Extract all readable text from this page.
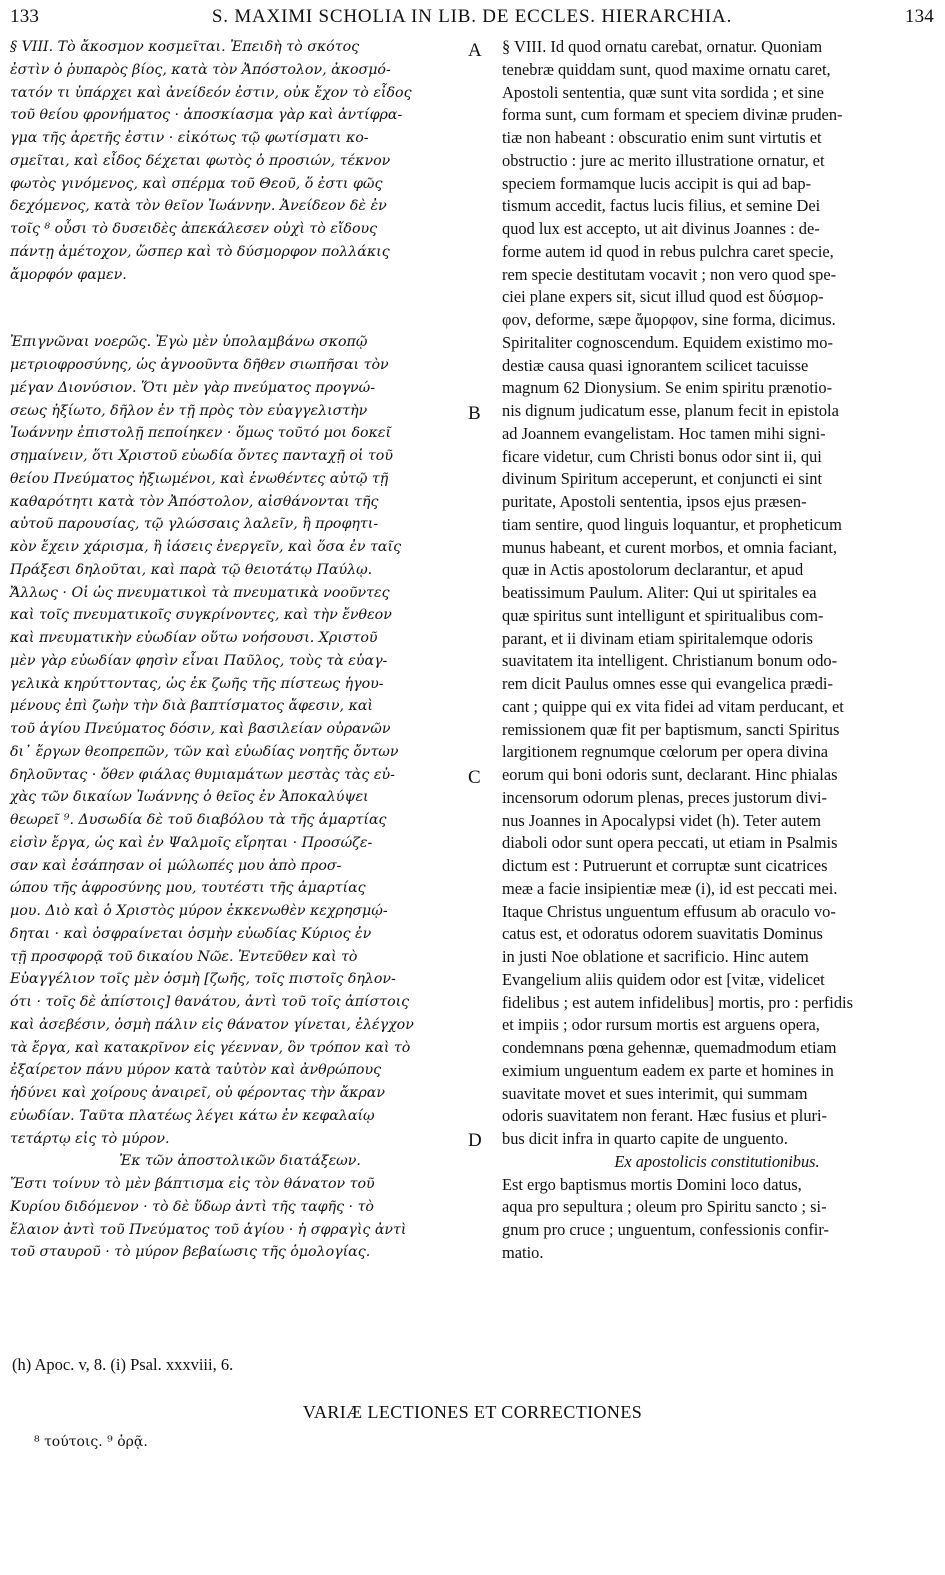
133	S. MAXIMI SCHOLIA IN LIB. DE ECCLES. HIERARCHIA.	134
A
B
C
D

§ VIII. Τὸ ἄκοσμον κοσμεῖται. Ἐπειδὴ τὸ σκότος
ἐστὶν ὁ ῥυπαρὸς βίος, κατὰ τὸν Ἀπόστολον, ἀκοσμό-
τατόν τι ὑπάρχει καὶ ἀνείδεόν ἐστιν, οὐκ ἔχον τὸ εἶδος
τοῦ θείου φρονήματος · ἀποσκίασμα γὰρ καὶ ἀντίφρα-
γμα τῆς ἀρετῆς ἐστιν · εἰκότως τῷ φωτίσματι κο-
σμεῖται, καὶ εἶδος δέχεται φωτὸς ὁ προσιών, τέκνον
φωτὸς γινόμενος, καὶ σπέρμα τοῦ Θεοῦ, ὅ ἐστι φῶς
δεχόμενος, κατὰ τὸν θεῖον Ἰωάννην. Ἀνείδεον δὲ ἐν
τοῖς ⁸ οὖσι τὸ δυσειδὲς ἀπεκάλεσεν οὐχὶ τὸ εἴδους
πάντῃ ἀμέτοχον, ὥσπερ καὶ τὸ δύσμορφον πολλάκις
ἄμορφόν φαμεν.

Ἐπιγνῶναι νοερῶς. Ἐγὼ μὲν ὑπολαμβάνω σκοπῷ
μετριοφροσύνης, ὡς ἀγνοοῦντα δῆθεν σιωπῆσαι τὸν
μέγαν Διονύσιον. Ὅτι μὲν γὰρ πνεύματος προγνώ-
σεως ἠξίωτο, δῆλον ἐν τῇ πρὸς τὸν εὐαγγελιστὴν
Ἰωάννην ἐπιστολῇ πεποίηκεν · ὅμως τοῦτό μοι δοκεῖ
σημαίνειν, ὅτι Χριστοῦ εὐωδία ὄντες πανταχῇ οἱ τοῦ
θείου Πνεύματος ἠξιωμένοι, καὶ ἑνωθέντες αὐτῷ τῇ
καθαρότητι κατὰ τὸν Ἀπόστολον, αἰσθάνονται τῆς
αὐτοῦ παρουσίας, τῷ γλώσσαις λαλεῖν, ἢ προφητι-
κὸν ἔχειν χάρισμα, ἢ ἰάσεις ἐνεργεῖν, καὶ ὅσα ἐν ταῖς
Πράξεσι δηλοῦται, καὶ παρὰ τῷ θειοτάτῳ Παύλῳ.
Ἄλλως · Οἱ ὡς πνευματικοὶ τὰ πνευματικὰ νοοῦντες
καὶ τοῖς πνευματικοῖς συγκρίνοντες, καὶ τὴν ἔνθεον
καὶ πνευματικὴν εὐωδίαν οὕτω νοήσουσι. Χριστοῦ
μὲν γὰρ εὐωδίαν φησὶν εἶναι Παῦλος, τοὺς τὰ εὐαγ-
γελικὰ κηρύττοντας, ὡς ἐκ ζωῆς τῆς πίστεως ἡγου-
μένους ἐπὶ ζωὴν τὴν διὰ βαπτίσματος ἄφεσιν, καὶ
τοῦ ἁγίου Πνεύματος δόσιν, καὶ βασιλείαν οὐρανῶν
δι᾽ ἔργων θεοπρεπῶν, τῶν καὶ εὐωδίας νοητῆς ὄντων
δηλοῦντας · ὅθεν φιάλας θυμιαμάτων μεστὰς τὰς εὐ-
χὰς τῶν δικαίων Ἰωάννης ὁ θεῖος ἐν Ἀποκαλύψει
θεωρεῖ ⁹. Δυσωδία δὲ τοῦ διαβόλου τὰ τῆς ἁμαρτίας
εἰσὶν ἔργα, ὡς καὶ ἐν Ψαλμοῖς εἴρηται · Προσώζε-
σαν καὶ ἐσάπησαν οἱ μώλωπές μου ἀπὸ προσ-
ώπου τῆς ἀφροσύνης μου, τουτέστι τῆς ἁμαρτίας
μου. Διὸ καὶ ὁ Χριστὸς μύρον ἐκκενωθὲν κεχρησμῴ-
δηται · καὶ ὀσφραίνεται ὀσμὴν εὐωδίας Κύριος ἐν
τῇ προσφορᾷ τοῦ δικαίου Νῶε. Ἐντεῦθεν καὶ τὸ
Εὐαγγέλιον τοῖς μὲν ὀσμὴ [ζωῆς, τοῖς πιστοῖς δηλον-
ότι · τοῖς δὲ ἀπίστοις] θανάτου, ἀντὶ τοῦ τοῖς ἀπίστοις
καὶ ἀσεβέσιν, ὀσμὴ πάλιν εἰς θάνατον γίνεται, ἐλέγχον
τὰ ἔργα, καὶ κατακρῖνον εἰς γέενναν, ὃν τρόπον καὶ τὸ
ἐξαίρετον πάνυ μύρον κατὰ ταὐτὸν καὶ ἀνθρώπους
ἡδύνει καὶ χοίρους ἀναιρεῖ, οὐ φέροντας τὴν ἄκραν
εὐωδίαν. Ταῦτα πλατέως λέγει κάτω ἐν κεφαλαίῳ
τετάρτῳ εἰς τὸ μύρον.

Ἐκ τῶν ἀποστολικῶν διατάξεων.

Ἔστι τοίνυν τὸ μὲν βάπτισμα εἰς τὸν θάνατον τοῦ
Κυρίου διδόμενον · τὸ δὲ ὕδωρ ἀντὶ τῆς ταφῆς · τὸ
ἔλαιον ἀντὶ τοῦ Πνεύματος τοῦ ἁγίου · ἡ σφραγὶς ἀντὶ
τοῦ σταυροῦ · τὸ μύρον βεβαίωσις τῆς ὁμολογίας.

§ VIII. Id quod ornatu carebat, ornatur. Quoniam
tenebræ quiddam sunt, quod maxime ornatu caret,
Apostoli sententia, quæ sunt vita sordida ; et sine
forma sunt, cum formam et speciem divinæ pruden-
tiæ non habeant : obscuratio enim sunt virtutis et
obstructio : jure ac merito illustratione ornatur, et
speciem formamque lucis accipit is qui ad bap-
tismum accedit, factus lucis filius, et semine Dei
quod lux est accepto, ut ait divinus Joannes : de-
forme autem id quod in rebus pulchra caret specie,
rem specie destitutam vocavit ; non vero quod spe-
ciei plane expers sit, sicut illud quod est δύσμορ-
φον, deforme, sæpe ἄμορφον, sine forma, dicimus.

Spiritaliter cognoscendum. Equidem existimo mo-
destiæ causa quasi ignorantem scilicet tacuisse
magnum 62 Dionysium. Se enim spiritu prænotio-
nis dignum judicatum esse, planum fecit in epistola
ad Joannem evangelistam. Hoc tamen mihi signi-
ficare videtur, cum Christi bonus odor sint ii, qui
divinum Spiritum acceperunt, et conjuncti ei sint
puritate, Apostoli sententia, ipsos ejus præsen-
tiam sentire, quod linguis loquantur, et propheticum
munus habeant, et curent morbos, et omnia faciant,
quæ in Actis apostolorum declarantur, et apud
beatissimum Paulum. Aliter: Qui ut spiritales ea
quæ spiritus sunt intelligunt et spiritualibus com-
parant, et ii divinam etiam spiritalemque odoris
suavitatem ita intelligent. Christianum bonum odo-
rem dicit Paulus omnes esse qui evangelica prædi-
cant ; quippe qui ex vita fidei ad vitam perducant, et
remissionem quæ fit per baptismum, sancti Spiritus
largitionem regnumque cœlorum per opera divina
eorum qui boni odoris sunt, declarant. Hinc phialas
incensorum odorum plenas, preces justorum divi-
nus Joannes in Apocalypsi videt (h). Teter autem
diaboli odor sunt opera peccati, ut etiam in Psalmis
dictum est : Putruerunt et corruptæ sunt cicatrices
meæ a facie insipientiæ meæ (i), id est peccati mei.
Itaque Christus unguentum effusum ab oraculo vo-
catus est, et odoratus odorem suavitatis Dominus
in justi Noe oblatione et sacrificio. Hinc autem
Evangelium aliis quidem odor est [vitæ, videlicet
fidelibus ; est autem infidelibus] mortis, pro : perfidis
et impiis ; odor rursum mortis est arguens opera,
condemnans pœna gehennæ, quemadmodum etiam
eximium unguentum eadem ex parte et homines in
suavitate movet et sues interimit, qui summam
odoris suavitatem non ferant. Hæc fusius et pluri-
bus dicit infra in quarto capite de unguento.

Ex apostolicis constitutionibus.

Est ergo baptismus mortis Domini loco datus,
aqua pro sepultura ; oleum pro Spiritu sancto ; si-
gnum pro cruce ; unguentum, confessionis confir-
matio.

(h) Apoc. v, 8. (i) Psal. xxxviii, 6.
VARIÆ LECTIONES ET CORRECTIONES
⁸ τούτοις. ⁹ ὁρᾷ.
